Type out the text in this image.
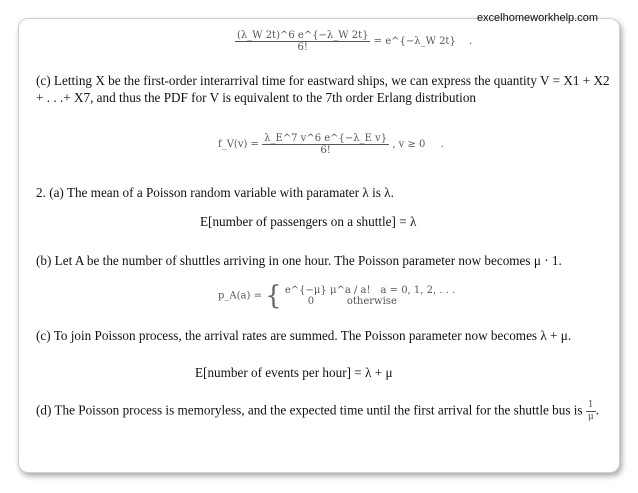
excelhomeworkhelp.com
$\frac{(\lambda\_W 2t)\^{}6 e\^{}\{-\lambda\_W 2t\}}{6!}$ = e^{−λ_W 2t} .
(c) Letting X be the first-order interarrival time for eastward ships, we can express the quantity V = X1 + X2 + . . .+ X7, and thus the PDF for V is equivalent to the 7th order Erlang distribution
f_V(v) = $\frac{\text{λ\_E\textasciicircum{}7 v\textasciicircum{}6 e\textasciicircum{}\{−λ\_E v\}}}{6!}$ , v ≥ 0 .
2. (a) The mean of a Poisson random variable with paramater λ is λ.
E[number of passengers on a shuttle] = λ
(b) Let A be the number of shuttles arriving in one hour. The Poisson parameter now becomes μ · 1.
p_A(a) = { e^{−μ} μ^a / a! a = 0, 1, 2, . . .
0	otherwise
(c) To join Poisson process, the arrival rates are summed. The Poisson parameter now becomes λ + μ.
E[number of events per hour] = λ + μ
(d) The Poisson process is memoryless, and the expected time until the first arrival for the shuttle bus is $\frac{1}{\mu}$ .
